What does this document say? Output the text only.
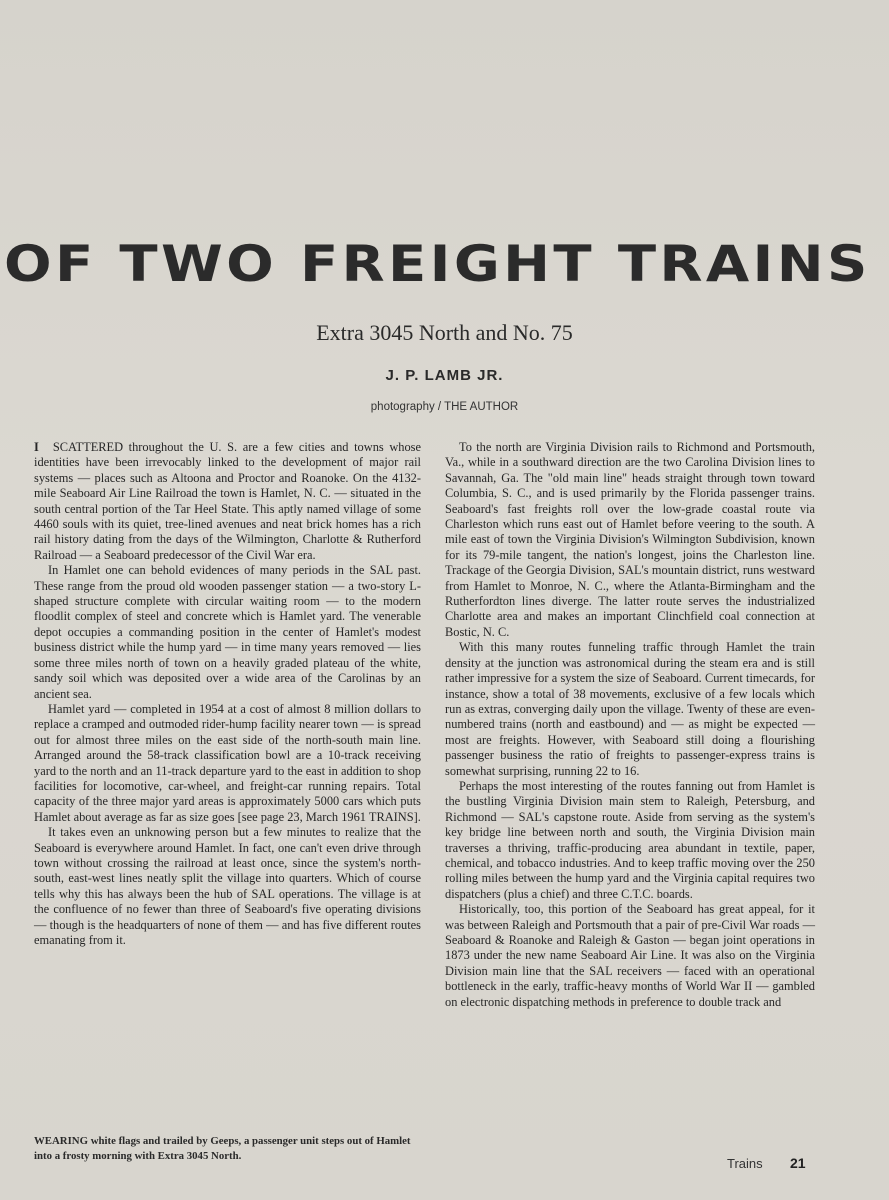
OF TWO FREIGHT TRAINS
Extra 3045 North and No. 75
J. P. LAMB JR.
photography / THE AUTHOR

I SCATTERED throughout the U. S. are a few cities and towns whose identities have been irrevocably linked to the development of major rail systems — places such as Altoona and Proctor and Roanoke. On the 4132-mile Seaboard Air Line Railroad the town is Hamlet, N. C. — situated in the south central portion of the Tar Heel State. This aptly named village of some 4460 souls with its quiet, tree-lined avenues and neat brick homes has a rich rail history dating from the days of the Wilmington, Charlotte & Rutherford Railroad — a Seaboard predecessor of the Civil War era.

In Hamlet one can behold evidences of many periods in the SAL past. These range from the proud old wooden passenger station — a two-story L-shaped structure complete with circular waiting room — to the modern floodlit complex of steel and concrete which is Hamlet yard. The venerable depot occupies a commanding position in the center of Hamlet's modest business district while the hump yard — in time many years removed — lies some three miles north of town on a heavily graded plateau of the white, sandy soil which was deposited over a wide area of the Carolinas by an ancient sea.

Hamlet yard — completed in 1954 at a cost of almost 8 million dollars to replace a cramped and outmoded rider-hump facility nearer town — is spread out for almost three miles on the east side of the north-south main line. Arranged around the 58-track classification bowl are a 10-track receiving yard to the north and an 11-track departure yard to the east in addition to shop facilities for locomotive, car-wheel, and freight-car running repairs. Total capacity of the three major yard areas is approximately 5000 cars which puts Hamlet about average as far as size goes [see page 23, March 1961 TRAINS].

It takes even an unknowing person but a few minutes to realize that the Seaboard is everywhere around Hamlet. In fact, one can't even drive through town without crossing the railroad at least once, since the system's north-south, east-west lines neatly split the village into quarters. Which of course tells why this has always been the hub of SAL operations. The village is at the confluence of no fewer than three of Seaboard's five operating divisions — though is the headquarters of none of them — and has five different routes emanating from it.

To the north are Virginia Division rails to Richmond and Portsmouth, Va., while in a southward direction are the two Carolina Division lines to Savannah, Ga. The "old main line" heads straight through town toward Columbia, S. C., and is used primarily by the Florida passenger trains. Seaboard's fast freights roll over the low-grade coastal route via Charleston which runs east out of Hamlet before veering to the south. A mile east of town the Virginia Division's Wilmington Subdivision, known for its 79-mile tangent, the nation's longest, joins the Charleston line. Trackage of the Georgia Division, SAL's mountain district, runs westward from Hamlet to Monroe, N. C., where the Atlanta-Birmingham and the Rutherfordton lines diverge. The latter route serves the industrialized Charlotte area and makes an important Clinchfield coal connection at Bostic, N. C.

With this many routes funneling traffic through Hamlet the train density at the junction was astronomical during the steam era and is still rather impressive for a system the size of Seaboard. Current timecards, for instance, show a total of 38 movements, exclusive of a few locals which run as extras, converging daily upon the village. Twenty of these are even-numbered trains (north and eastbound) and — as might be expected — most are freights. However, with Seaboard still doing a flourishing passenger business the ratio of freights to passenger-express trains is somewhat surprising, running 22 to 16.

Perhaps the most interesting of the routes fanning out from Hamlet is the bustling Virginia Division main stem to Raleigh, Petersburg, and Richmond — SAL's capstone route. Aside from serving as the system's key bridge line between north and south, the Virginia Division main traverses a thriving, traffic-producing area abundant in textile, paper, chemical, and tobacco industries. And to keep traffic moving over the 250 rolling miles between the hump yard and the Virginia capital requires two dispatchers (plus a chief) and three C.T.C. boards.

Historically, too, this portion of the Seaboard has great appeal, for it was between Raleigh and Portsmouth that a pair of pre-Civil War roads — Seaboard & Roanoke and Raleigh & Gaston — began joint operations in 1873 under the new name Seaboard Air Line. It was also on the Virginia Division main line that the SAL receivers — faced with an operational bottleneck in the early, traffic-heavy months of World War II — gambled on electronic dispatching methods in preference to double track and

WEARING white flags and trailed by Geeps, a passenger unit steps out of Hamlet into a frosty morning with Extra 3045 North.	Trains 21
